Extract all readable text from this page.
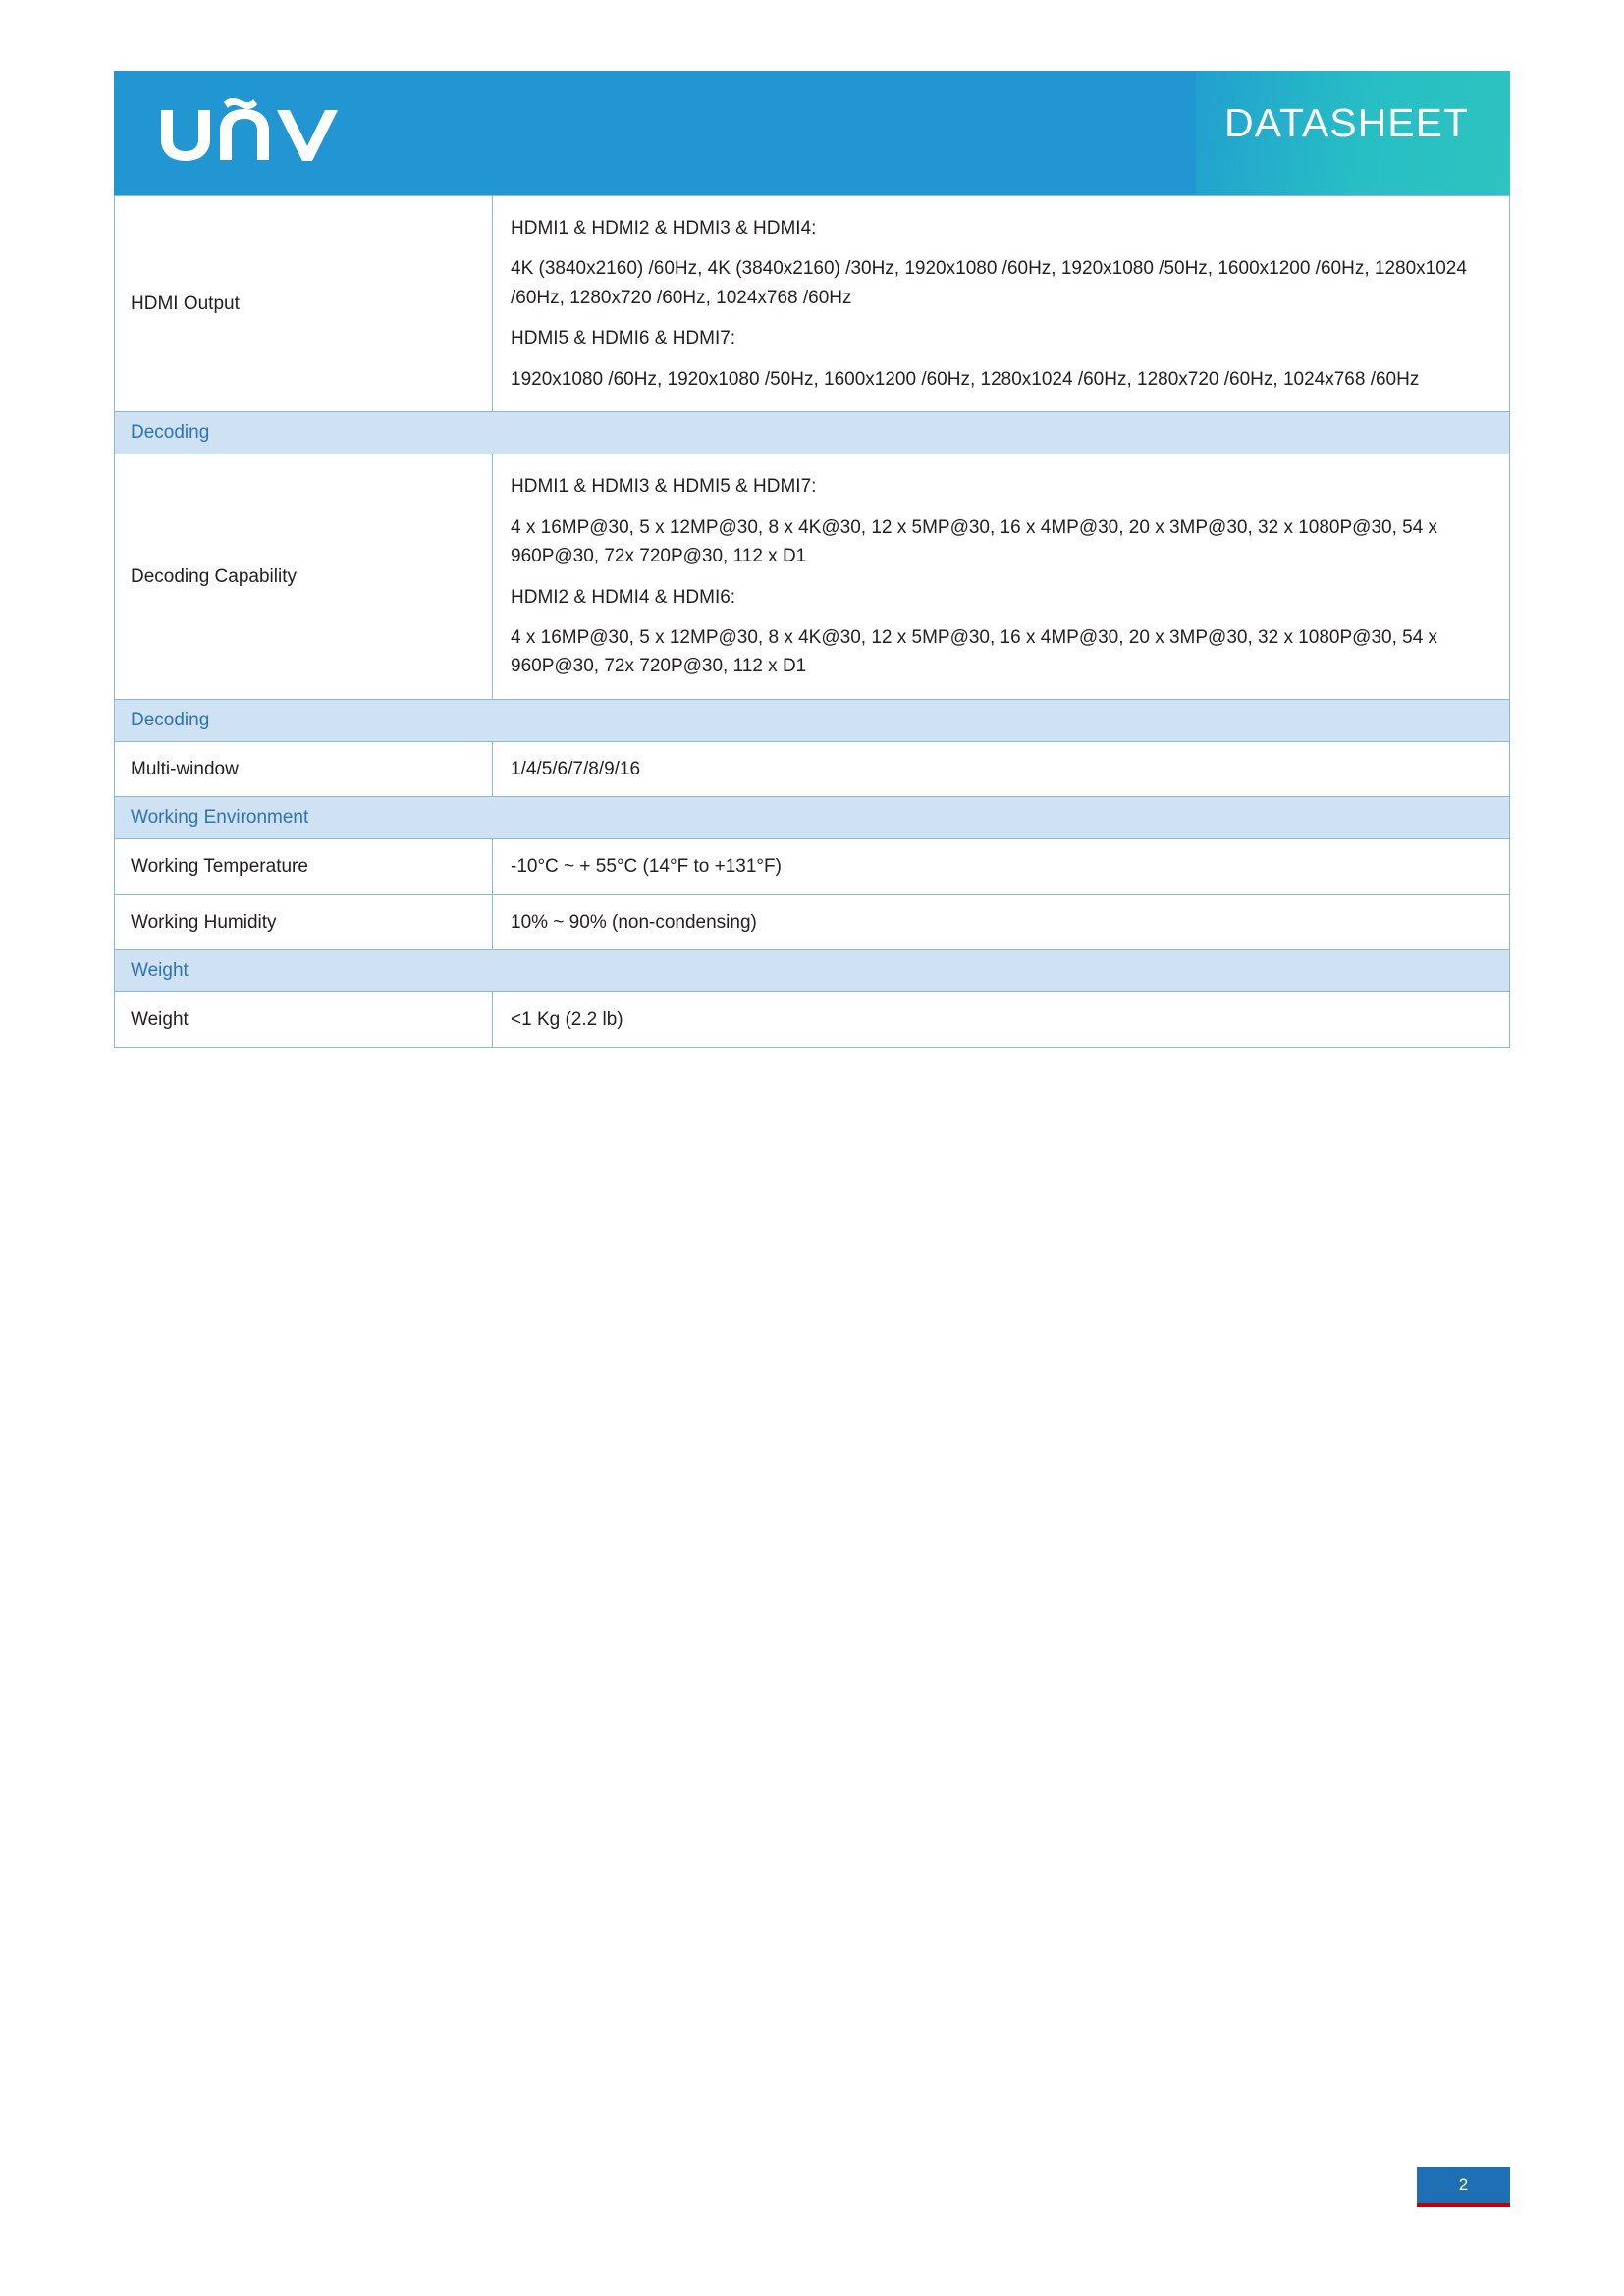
DATASHEET
HDMI Output	HDMI1 & HDMI2 & HDMI3 & HDMI4:
4K (3840x2160) /60Hz, 4K (3840x2160) /30Hz, 1920x1080 /60Hz, 1920x1080 /50Hz, 1600x1200 /60Hz, 1280x1024 /60Hz, 1280x720 /60Hz, 1024x768 /60Hz
HDMI5 & HDMI6 & HDMI7:
1920x1080 /60Hz, 1920x1080 /50Hz, 1600x1200 /60Hz, 1280x1024 /60Hz, 1280x720 /60Hz, 1024x768 /60Hz

Decoding	

Decoding Capability	HDMI1 & HDMI3 & HDMI5 & HDMI7:
4 x 16MP@30, 5 x 12MP@30, 8 x 4K@30, 12 x 5MP@30, 16 x 4MP@30, 20 x 3MP@30, 32 x 1080P@30, 54 x 960P@30, 72x 720P@30, 112 x D1
HDMI2 & HDMI4 & HDMI6:
4 x 16MP@30, 5 x 12MP@30, 8 x 4K@30, 12 x 5MP@30, 16 x 4MP@30, 20 x 3MP@30, 32 x 1080P@30, 54 x 960P@30, 72x 720P@30, 112 x D1

Decoding	

Multi-window	1/4/5/6/7/8/9/16

Working Environment	

Working Temperature	-10°C ~ + 55°C (14°F to +131°F)

Working Humidity	10% ~ 90% (non-condensing)

Weight	

Weight	<1 Kg (2.2 lb)
2
